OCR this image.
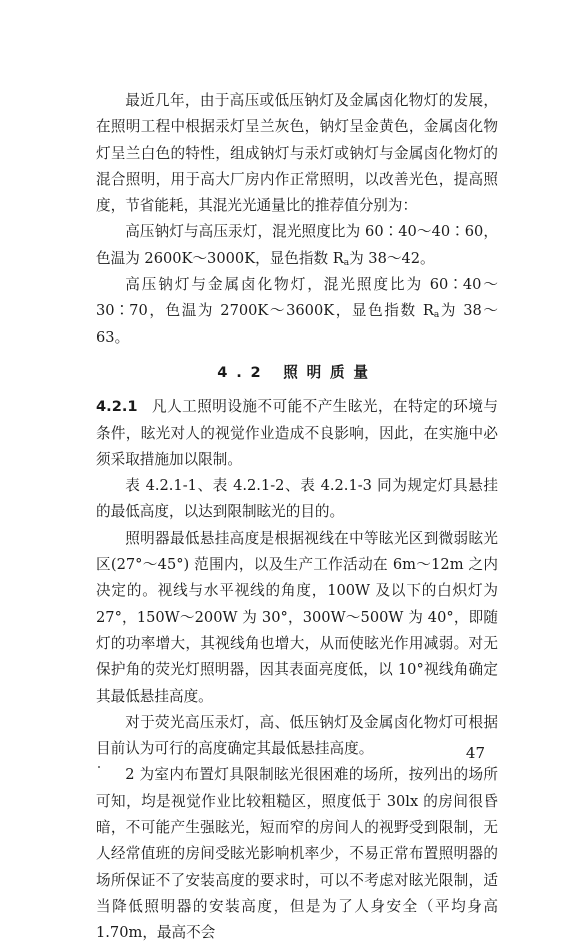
最近几年，由于高压或低压钠灯及金属卤化物灯的发展，在照明工程中根据汞灯呈兰灰色，钠灯呈金黄色，金属卤化物灯呈兰白色的特性，组成钠灯与汞灯或钠灯与金属卤化物灯的混合照明，用于高大厂房内作正常照明，以改善光色，提高照度，节省能耗，其混光光通量比的推荐值分别为：

高压钠灯与高压汞灯，混光照度比为 60∶40～40∶60，色温为 2600K～3000K，显色指数 $R_a$为 38～42。

高压钠灯与金属卤化物灯，混光照度比为 60∶40～30∶70，色温为 2700K～3600K，显色指数 $R_a$为 38～63。

4.2 照明质量

4.2.1 凡人工照明设施不可能不产生眩光，在特定的环境与条件，眩光对人的视觉作业造成不良影响，因此，在实施中必须采取措施加以限制。

表 4.2.1-1、表 4.2.1-2、表 4.2.1-3 同为规定灯具悬挂的最低高度，以达到限制眩光的目的。

照明器最低悬挂高度是根据视线在中等眩光区到微弱眩光区(27°～45°) 范围内，以及生产工作活动在 6m～12m 之内决定的。视线与水平视线的角度，100W 及以下的白炽灯为 27°，150W～200W 为 30°，300W～500W 为 40°，即随灯的功率增大，其视线角也增大，从而使眩光作用减弱。对无保护角的荧光灯照明器，因其表面亮度低，以 10°视线角确定其最低悬挂高度。

对于荧光高压汞灯，高、低压钠灯及金属卤化物灯可根据目前认为可行的高度确定其最低悬挂高度。

2 为室内布置灯具限制眩光很困难的场所，按列出的场所可知，均是视觉作业比较粗糙区，照度低于 30lx 的房间很昏暗，不可能产生强眩光，短而窄的房间人的视野受到限制，无人经常值班的房间受眩光影响机率少，不易正常布置照明器的场所保证不了安装高度的要求时，可以不考虑对眩光限制，适当降低照明器的安装高度，但是为了人身安全（平均身高 1.70m，最高不会

47
